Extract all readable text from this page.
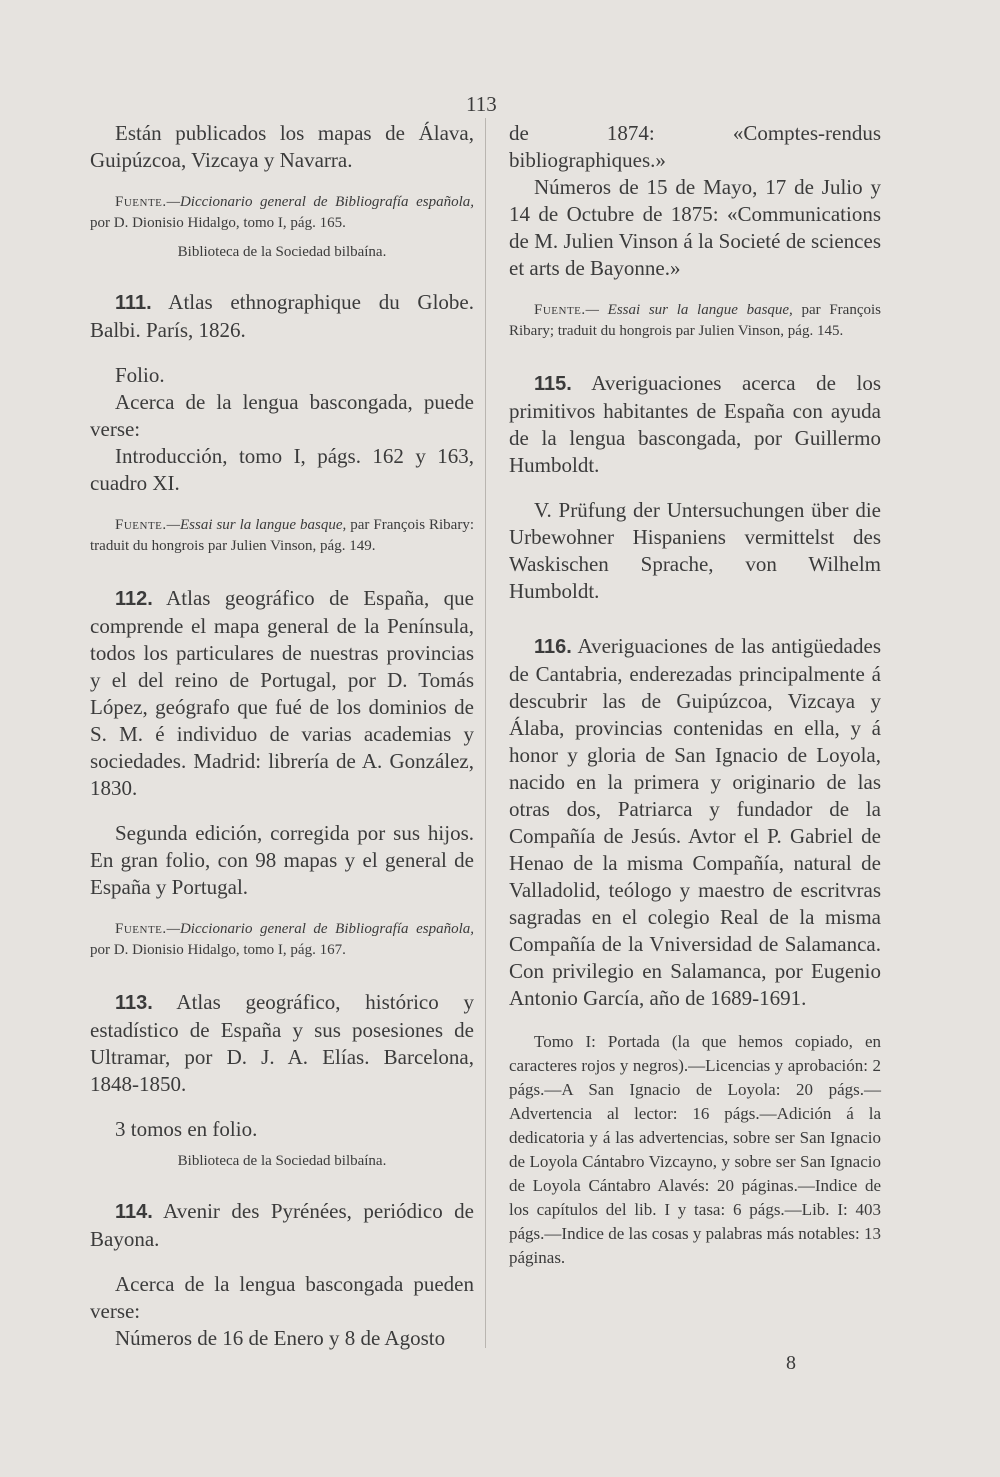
113

Están publicados los mapas de Álava, Guipúzcoa, Vizcaya y Navarra.

Fuente.—Diccionario general de Bibliografía española, por D. Dionisio Hidalgo, tomo I, pág. 165.

Biblioteca de la Sociedad bilbaína.

111. Atlas ethnographique du Globe. Balbi. París, 1826.

Folio.

Acerca de la lengua bascongada, puede verse:

Introducción, tomo I, págs. 162 y 163, cuadro XI.

Fuente.—Essai sur la langue basque, par François Ribary: traduit du hongrois par Julien Vinson, pág. 149.

112. Atlas geográfico de España, que comprende el mapa general de la Península, todos los particulares de nuestras provincias y el del reino de Portugal, por D. Tomás López, geógrafo que fué de los dominios de S. M. é individuo de varias academias y sociedades. Madrid: librería de A. González, 1830.

Segunda edición, corregida por sus hijos. En gran folio, con 98 mapas y el general de España y Portugal.

Fuente.—Diccionario general de Bibliografía española, por D. Dionisio Hidalgo, tomo I, pág. 167.

113. Atlas geográfico, histórico y estadístico de España y sus posesiones de Ultramar, por D. J. A. Elías. Barcelona, 1848-1850.

3 tomos en folio.

Biblioteca de la Sociedad bilbaína.

114. Avenir des Pyrénées, periódico de Bayona.

Acerca de la lengua bascongada pueden verse:

Números de 16 de Enero y 8 de Agosto

de 1874: «Comptes-rendus bibliographiques.»

Números de 15 de Mayo, 17 de Julio y 14 de Octubre de 1875: «Communications de M. Julien Vinson á la Societé de sciences et arts de Bayonne.»

Fuente.— Essai sur la langue basque, par François Ribary; traduit du hongrois par Julien Vinson, pág. 145.

115. Averiguaciones acerca de los primitivos habitantes de España con ayuda de la lengua bascongada, por Guillermo Humboldt.

V. Prüfung der Untersuchungen über die Urbewohner Hispaniens vermittelst des Waskischen Sprache, von Wilhelm Humboldt.

116. Averiguaciones de las antigüedades de Cantabria, enderezadas principalmente á descubrir las de Guipúzcoa, Vizcaya y Álaba, provincias contenidas en ella, y á honor y gloria de San Ignacio de Loyola, nacido en la primera y originario de las otras dos, Patriarca y fundador de la Compañía de Jesús. Avtor el P. Gabriel de Henao de la misma Compañía, natural de Valladolid, teólogo y maestro de escritvras sagradas en el colegio Real de la misma Compañía de la Vniversidad de Salamanca. Con privilegio en Salamanca, por Eugenio Antonio García, año de 1689-1691.

Tomo I: Portada (la que hemos copiado, en caracteres rojos y negros).—Licencias y aprobación: 2 págs.—A San Ignacio de Loyola: 20 págs.—Advertencia al lector: 16 págs.—Adición á la dedicatoria y á las advertencias, sobre ser San Ignacio de Loyola Cántabro Vizcayno, y sobre ser San Ignacio de Loyola Cántabro Alavés: 20 páginas.—Indice de los capítulos del lib. I y tasa: 6 págs.—Lib. I: 403 págs.—Indice de las cosas y palabras más notables: 13 páginas.

8
